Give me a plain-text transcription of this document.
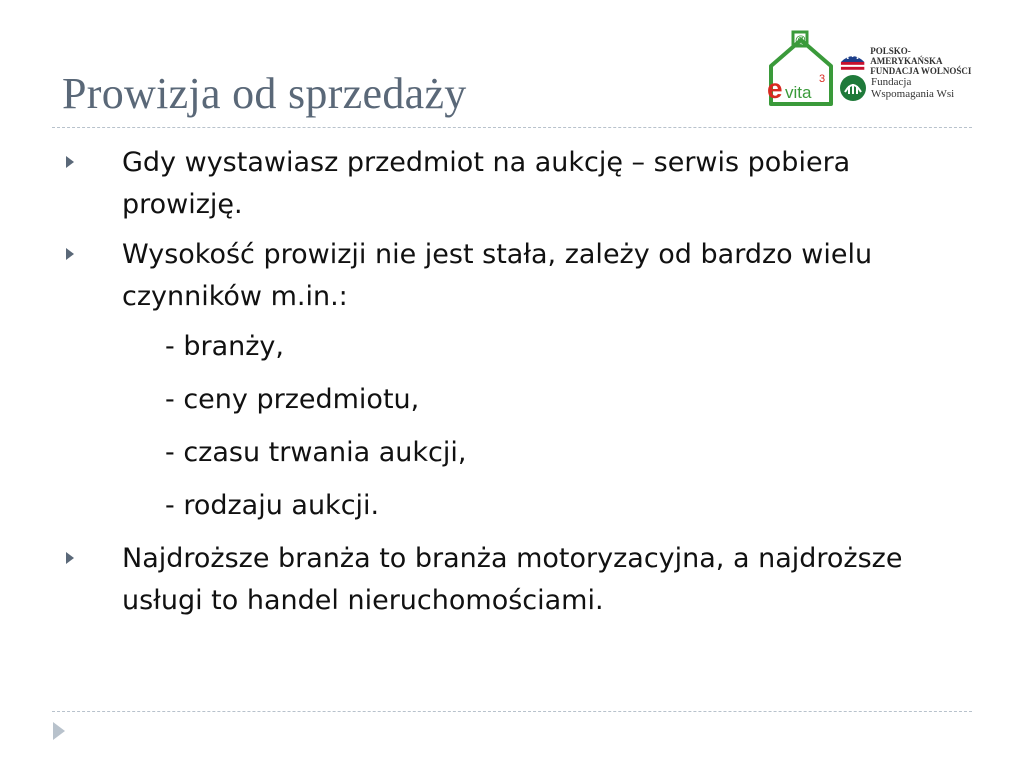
Prowizja od sprzedaży
@
e vita
3
POLSKO-AMERYKAŃSKA
FUNDACJA WOLNOŚCI
Fundacja
Wspomagania Wsi
Gdy wystawiasz przedmiot na aukcję – serwis pobiera prowizję.
Wysokość prowizji nie jest stała, zależy od bardzo wielu czynników m.in.:
- branży,
- ceny przedmiotu,
- czasu trwania aukcji,
- rodzaju aukcji.
Najdroższe branża to branża motoryzacyjna, a najdroższe usługi to handel nieruchomościami.
